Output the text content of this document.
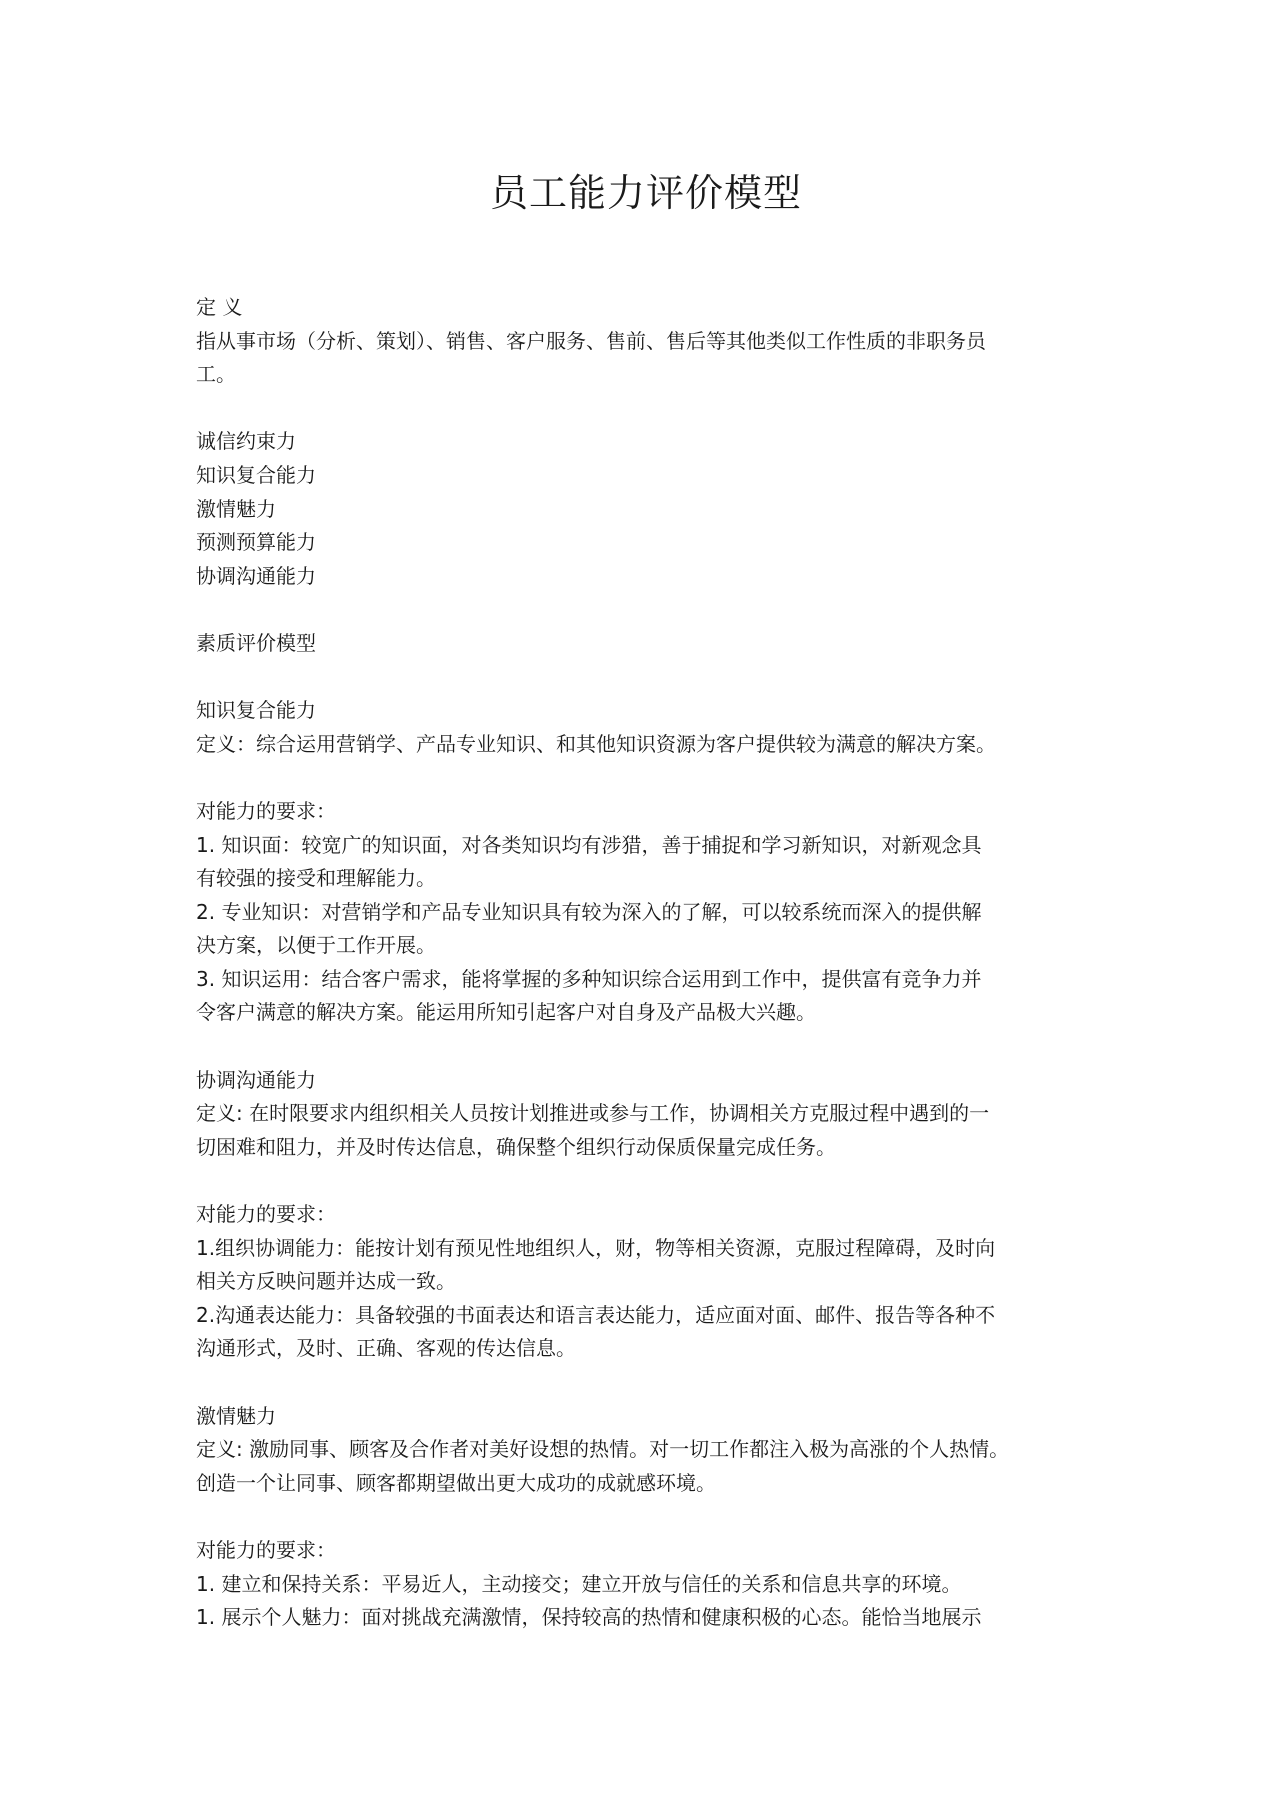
员工能力评价模型

定 义

指从事市场（分析、策划）、销售、客户服务、售前、售后等其他类似工作性质的非职务员

工。

诚信约束力

知识复合能力

激情魅力

预测预算能力

协调沟通能力

素质评价模型

知识复合能力

定义：综合运用营销学、产品专业知识、和其他知识资源为客户提供较为满意的解决方案。

对能力的要求：

1. 知识面：较宽广的知识面，对各类知识均有涉猎，善于捕捉和学习新知识，对新观念具

有较强的接受和理解能力。

2. 专业知识：对营销学和产品专业知识具有较为深入的了解，可以较系统而深入的提供解

决方案，以便于工作开展。

3. 知识运用：结合客户需求，能将掌握的多种知识综合运用到工作中，提供富有竞争力并

令客户满意的解决方案。能运用所知引起客户对自身及产品极大兴趣。

协调沟通能力

定义: 在时限要求内组织相关人员按计划推进或参与工作，协调相关方克服过程中遇到的一

切困难和阻力，并及时传达信息，确保整个组织行动保质保量完成任务。

对能力的要求：

1.组织协调能力：能按计划有预见性地组织人，财，物等相关资源，克服过程障碍，及时向

相关方反映问题并达成一致。

2.沟通表达能力：具备较强的书面表达和语言表达能力，适应面对面、邮件、报告等各种不

沟通形式，及时、正确、客观的传达信息。

激情魅力

定义: 激励同事、顾客及合作者对美好设想的热情。对一切工作都注入极为高涨的个人热情。

创造一个让同事、顾客都期望做出更大成功的成就感环境。

对能力的要求：

1. 建立和保持关系：平易近人，主动接交；建立开放与信任的关系和信息共享的环境。

1. 展示个人魅力：面对挑战充满激情，保持较高的热情和健康积极的心态。能恰当地展示
